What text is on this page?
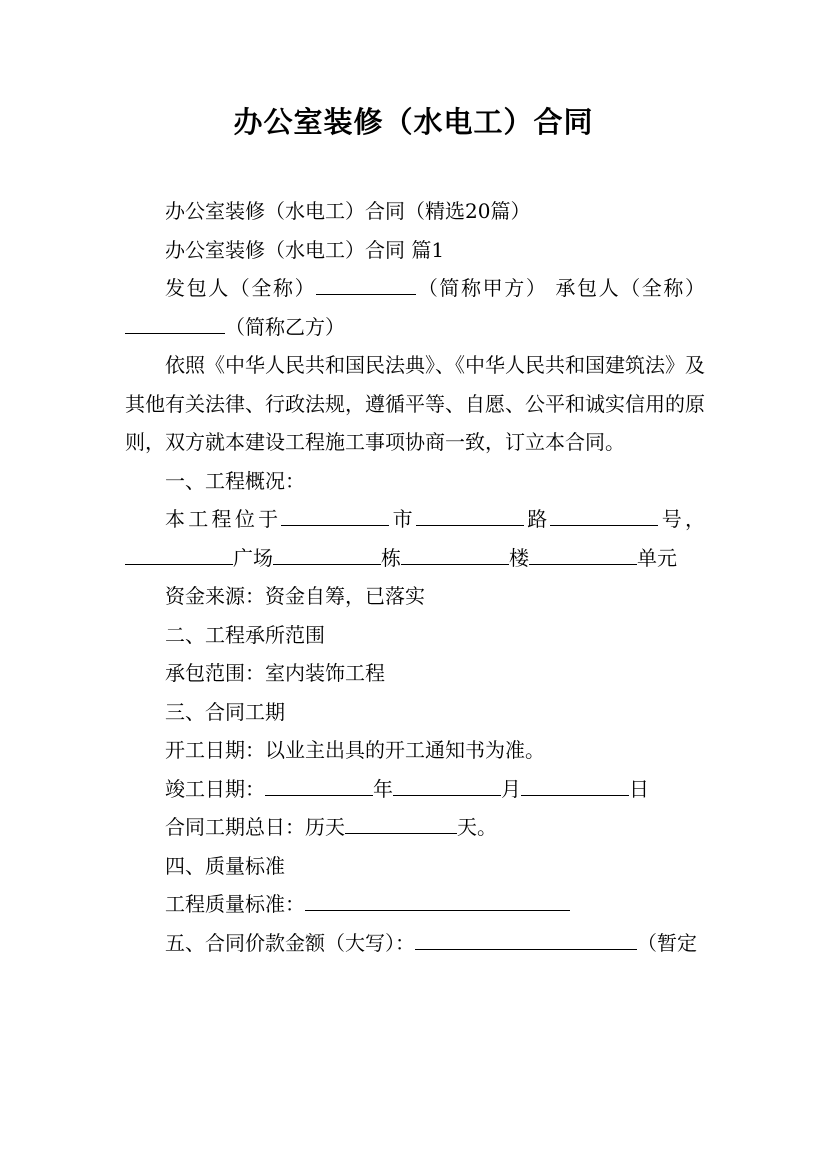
办公室装修（水电工）合同

办公室装修（水电工）合同（精选20篇）

办公室装修（水电工）合同 篇1

发包人（全称）	（简称甲方） 承包人（全称）（简称乙方）

依照《中华人民共和国民法典》、《中华人民共和国建筑法》及其他有关法律、行政法规，遵循平等、自愿、公平和诚实信用的原则，双方就本建设工程施工事项协商一致，订立本合同。

一、工程概况：

本工程位于	市	路	号，广场	栋	楼	单元

资金来源：资金自筹，已落实

二、工程承所范围

承包范围：室内装饰工程

三、合同工期

开工日期：以业主出具的开工通知书为准。

竣工日期：	年	月	日

合同工期总日：历天	天。

四、质量标准

工程质量标准：

五、合同价款金额（大写）：	（暂定
